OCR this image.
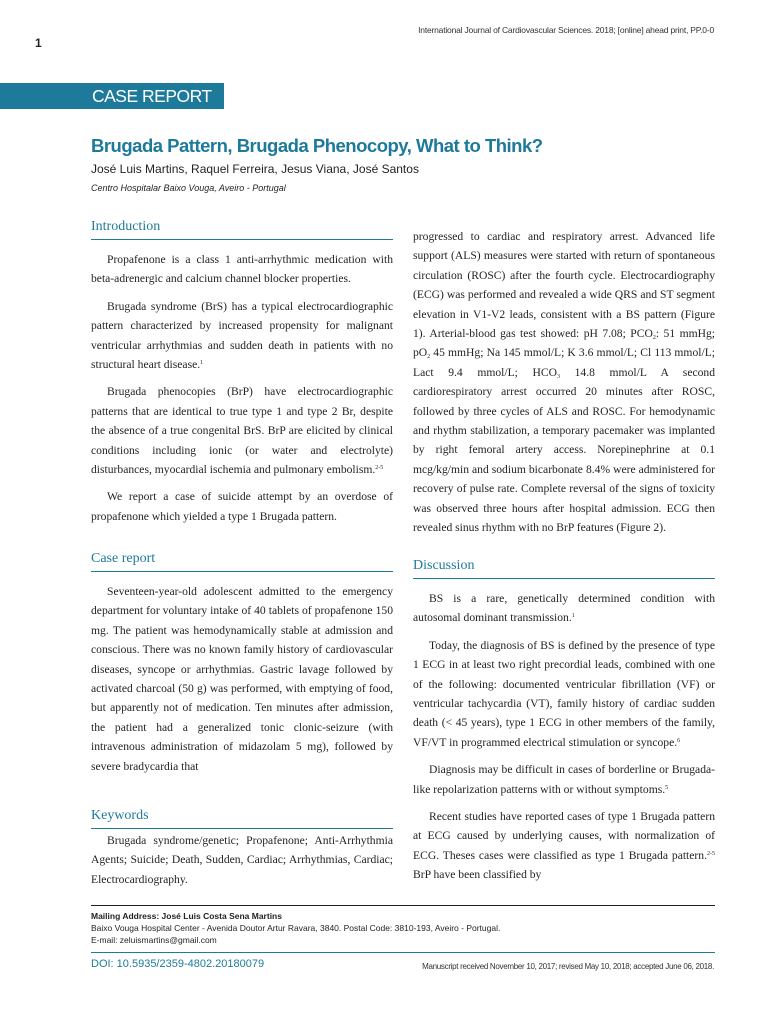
International Journal of Cardiovascular Sciences. 2018; [online] ahead print, PP.0-0
1
CASE REPORT
Brugada Pattern, Brugada Phenocopy, What to Think?
José Luis Martins, Raquel Ferreira, Jesus Viana, José Santos
Centro Hospitalar Baixo Vouga, Aveiro - Portugal
Introduction

Propafenone is a class 1 anti-arrhythmic medication with beta-adrenergic and calcium channel blocker properties.

Brugada syndrome (BrS) has a typical electrocardiographic pattern characterized by increased propensity for malignant ventricular arrhythmias and sudden death in patients with no structural heart disease.$^1$

Brugada phenocopies (BrP) have electrocardiographic patterns that are identical to true type 1 and type 2 Br, despite the absence of a true congenital BrS. BrP are elicited by clinical conditions including ionic (or water and electrolyte) disturbances, myocardial ischemia and pulmonary embolism.$^{2-5}$

We report a case of suicide attempt by an overdose of propafenone which yielded a type 1 Brugada pattern.

Case report

Seventeen-year-old adolescent admitted to the emergency department for voluntary intake of 40 tablets of propafenone 150 mg. The patient was hemodynamically stable at admission and conscious. There was no known family history of cardiovascular diseases, syncope or arrhythmias. Gastric lavage followed by activated charcoal (50 g) was performed, with emptying of food, but apparently not of medication. Ten minutes after admission, the patient had a generalized tonic clonic-seizure (with intravenous administration of midazolam 5 mg), followed by severe bradycardia that

Keywords

Brugada syndrome/genetic; Propafenone; Anti-Arrhythmia Agents; Suicide; Death, Sudden, Cardiac; Arrhythmias, Cardiac; Electrocardiography.

progressed to cardiac and respiratory arrest. Advanced life support (ALS) measures were started with return of spontaneous circulation (ROSC) after the fourth cycle. Electrocardiography (ECG) was performed and revealed a wide QRS and ST segment elevation in V1-V2 leads, consistent with a BS pattern (Figure 1). Arterial-blood gas test showed: pH 7.08; $PCO_2$: 51 mmHg; $pO_2$ 45 mmHg; Na 145 mmol/L; K 3.6 mmol/L; Cl 113 mmol/L; Lact 9.4 mmol/L; $HCO_3$ 14.8 mmol/L A second cardiorespiratory arrest occurred 20 minutes after ROSC, followed by three cycles of ALS and ROSC. For hemodynamic and rhythm stabilization, a temporary pacemaker was implanted by right femoral artery access. Norepinephrine at 0.1 mcg/kg/min and sodium bicarbonate 8.4% were administered for recovery of pulse rate. Complete reversal of the signs of toxicity was observed three hours after hospital admission. ECG then revealed sinus rhythm with no BrP features (Figure 2).

Discussion

BS is a rare, genetically determined condition with autosomal dominant transmission.$^1$

Today, the diagnosis of BS is defined by the presence of type 1 ECG in at least two right precordial leads, combined with one of the following: documented ventricular fibrillation (VF) or ventricular tachycardia (VT), family history of cardiac sudden death (< 45 years), type 1 ECG in other members of the family, VF/VT in programmed electrical stimulation or syncope.$^6$

Diagnosis may be difficult in cases of borderline or Brugada-like repolarization patterns with or without symptoms.$^5$

Recent studies have reported cases of type 1 Brugada pattern at ECG caused by underlying causes, with normalization of ECG. Theses cases were classified as type 1 Brugada pattern.$^{2-5}$ BrP have been classified by

Mailing Address: José Luis Costa Sena Martins
Baixo Vouga Hospital Center - Avenida Doutor Artur Ravara, 3840. Postal Code: 3810-193, Aveiro - Portugal.
E-mail: zeluismartins@gmail.com
DOI: 10.5935/2359-4802.20180079	Manuscript received November 10, 2017; revised May 10, 2018; accepted June 06, 2018.
